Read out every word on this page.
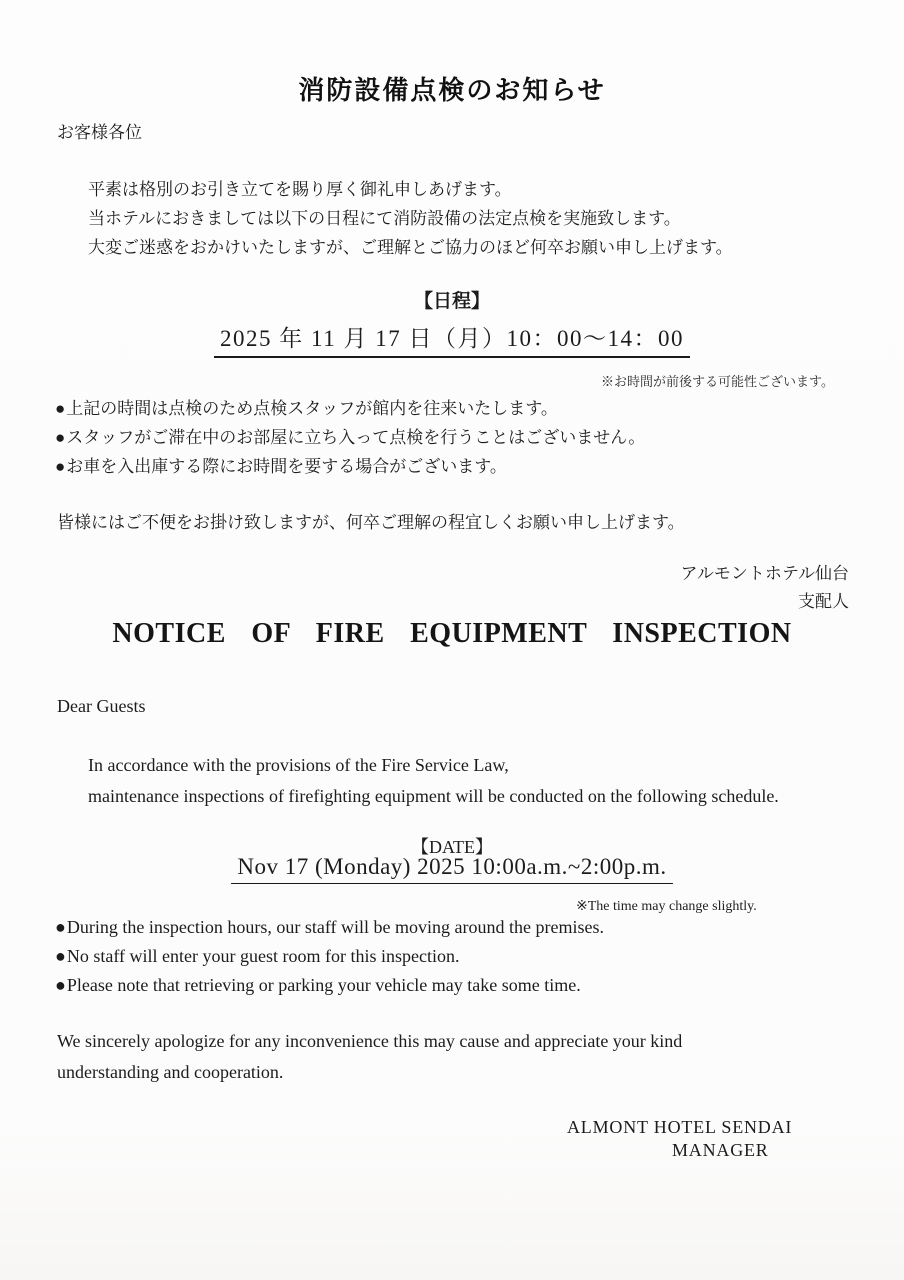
消防設備点検のお知らせ
お客様各位
平素は格別のお引き立てを賜り厚く御礼申しあげます。
当ホテルにおきましては以下の日程にて消防設備の法定点検を実施致します。
大変ご迷惑をおかけいたしますが、ご理解とご協力のほど何卒お願い申し上げます。
【日程】
2025 年 11 月 17 日（月）10：00～14：00
※お時間が前後する可能性ございます。
●上記の時間は点検のため点検スタッフが館内を往来いたします。
●スタッフがご滞在中のお部屋に立ち入って点検を行うことはございません。
●お車を入出庫する際にお時間を要する場合がございます。
皆様にはご不便をお掛け致しますが、何卒ご理解の程宜しくお願い申し上げます。
アルモントホテル仙台
支配人
NOTICE OF FIRE EQUIPMENT INSPECTION
Dear Guests
In accordance with the provisions of the Fire Service Law,
maintenance inspections of firefighting equipment will be conducted on the following schedule.
【DATE】
Nov 17 (Monday) 2025 10:00a.m.~2:00p.m.
※The time may change slightly.
●During the inspection hours, our staff will be moving around the premises.
●No staff will enter your guest room for this inspection.
●Please note that retrieving or parking your vehicle may take some time.
We sincerely apologize for any inconvenience this may cause and appreciate your kind
understanding and cooperation.
ALMONT HOTEL SENDAI
MANAGER
